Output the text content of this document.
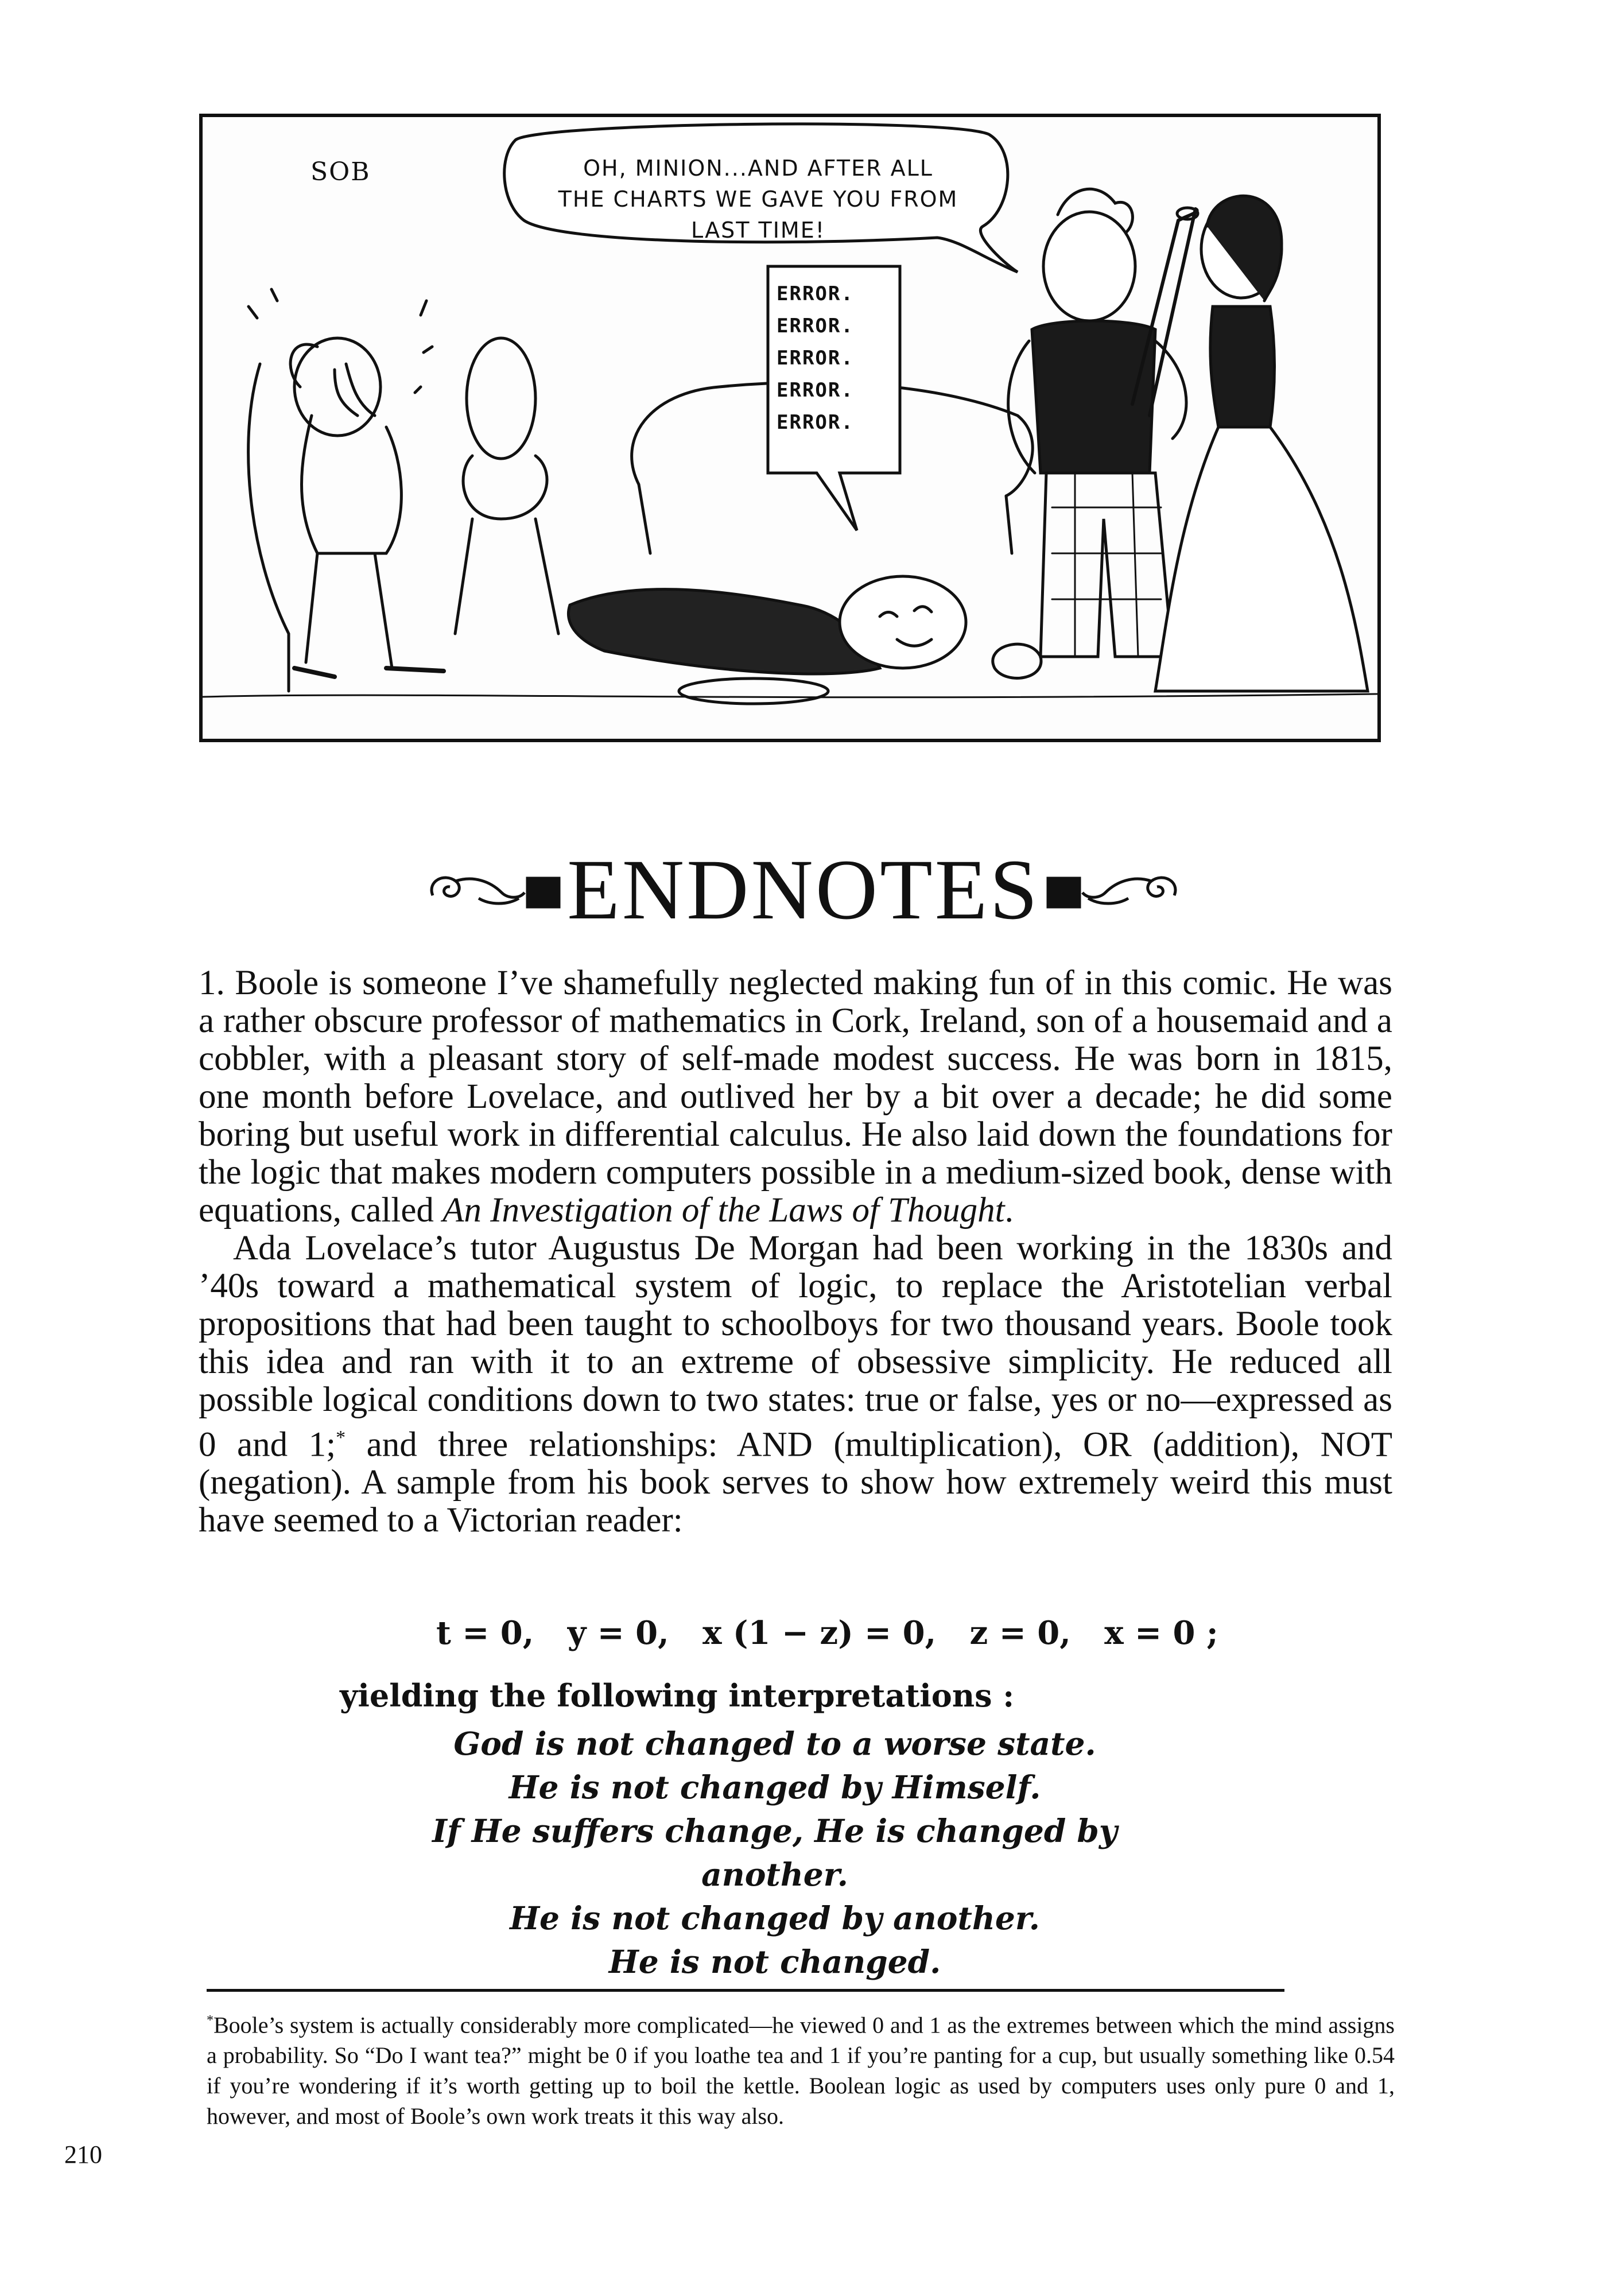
SOB	OH, MINION...AND AFTER ALL
THE CHARTS WE GAVE YOU FROM
LAST TIME!
ERROR.
ERROR.
ERROR.
ERROR.
ERROR.
ENDNOTES

1. Boole is someone I’ve shamefully neglected making fun of in this comic. He was a rather obscure professor of mathematics in Cork, Ireland, son of a housemaid and a cobbler, with a pleasant story of self-made modest success. He was born in 1815, one month before Lovelace, and outlived her by a bit over a decade; he did some boring but useful work in differential calculus. He also laid down the foundations for the logic that makes modern computers possible in a medium-sized book, dense with equations, called An Investigation of the Laws of Thought.

Ada Lovelace’s tutor Augustus De Morgan had been working in the 1830s and ’40s toward a mathematical system of logic, to replace the Aristotelian verbal propositions that had been taught to schoolboys for two thousand years. Boole took this idea and ran with it to an extreme of obsessive simplicity. He reduced all possible logical conditions down to two states: true or false, yes or no—expressed as 0 and 1;* and three relationships: AND (multiplication), OR (addition), NOT (negation). A sample from his book serves to show how extremely weird this must have seemed to a Victorian reader:

t = 0,   y = 0,   x (1 − z) = 0,   z = 0,   x = 0 ;
yielding the following interpretations :
God is not changed to a worse state.
He is not changed by Himself.
If He suffers change, He is changed by another.
He is not changed by another.
He is not changed.
*Boole’s system is actually considerably more complicated—he viewed 0 and 1 as the extremes between which the mind assigns a probability. So “Do I want tea?” might be 0 if you loathe tea and 1 if you’re panting for a cup, but usually something like 0.54 if you’re wondering if it’s worth getting up to boil the kettle. Boolean logic as used by computers uses only pure 0 and 1, however, and most of Boole’s own work treats it this way also.
210
